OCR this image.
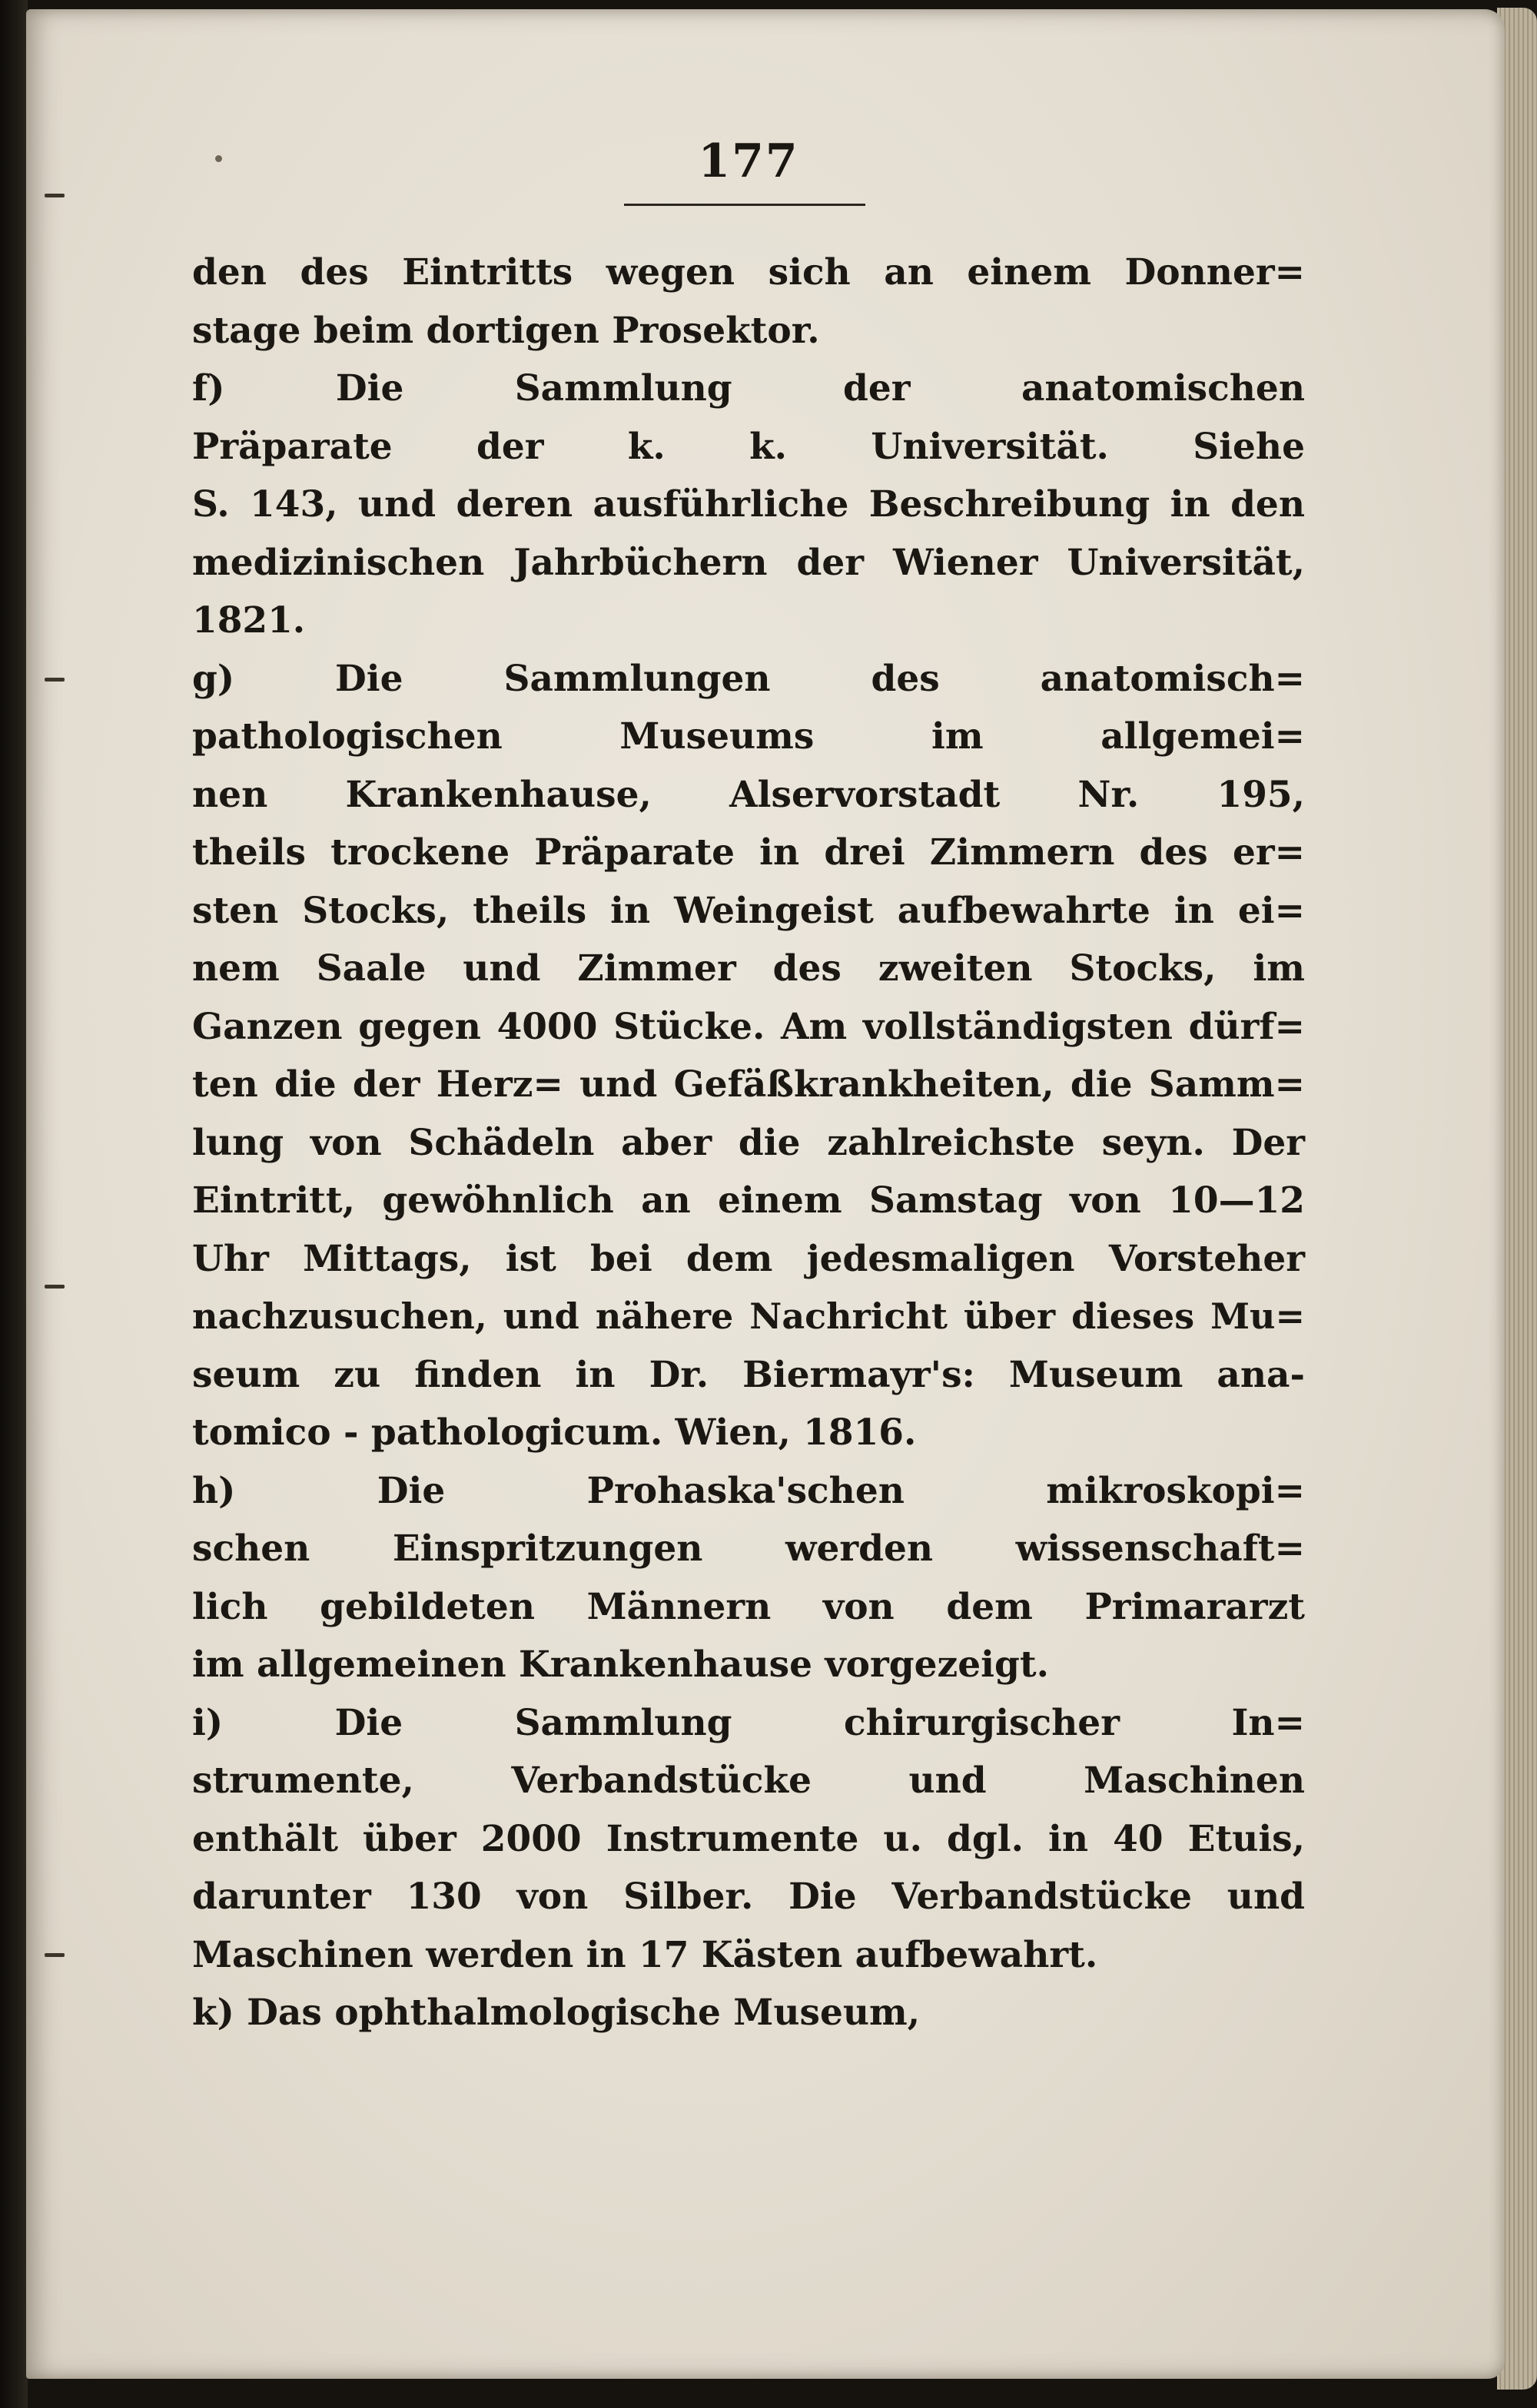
177
den des Eintritts wegen sich an einem Donner=
stage beim dortigen Prosektor.
f) Die Sammlung der anatomischen
Präparate der k. k. Universität. Siehe
S. 143, und deren ausführliche Beschreibung in den
medizinischen Jahrbüchern der Wiener Universität,
1821.
g) Die Sammlungen des anatomisch=
pathologischen Museums im allgemei=
nen Krankenhause, Alservorstadt Nr. 195,
theils trockene Präparate in drei Zimmern des er=
sten Stocks, theils in Weingeist aufbewahrte in ei=
nem Saale und Zimmer des zweiten Stocks, im
Ganzen gegen 4000 Stücke. Am vollständigsten dürf=
ten die der Herz= und Gefäßkrankheiten, die Samm=
lung von Schädeln aber die zahlreichste seyn. Der
Eintritt, gewöhnlich an einem Samstag von 10—12
Uhr Mittags, ist bei dem jedesmaligen Vorsteher
nachzusuchen, und nähere Nachricht über dieses Mu=
seum zu finden in Dr. Biermayr's: Museum ana-
tomico - pathologicum. Wien, 1816.
h) Die Prohaska'schen mikroskopi=
schen Einspritzungen werden wissenschaft=
lich gebildeten Männern von dem Primararzt
im allgemeinen Krankenhause vorgezeigt.
i) Die Sammlung chirurgischer In=
strumente, Verbandstücke und Maschinen
enthält über 2000 Instrumente u. dgl. in 40 Etuis,
darunter 130 von Silber. Die Verbandstücke und
Maschinen werden in 17 Kästen aufbewahrt.
k) Das ophthalmologische Museum,
